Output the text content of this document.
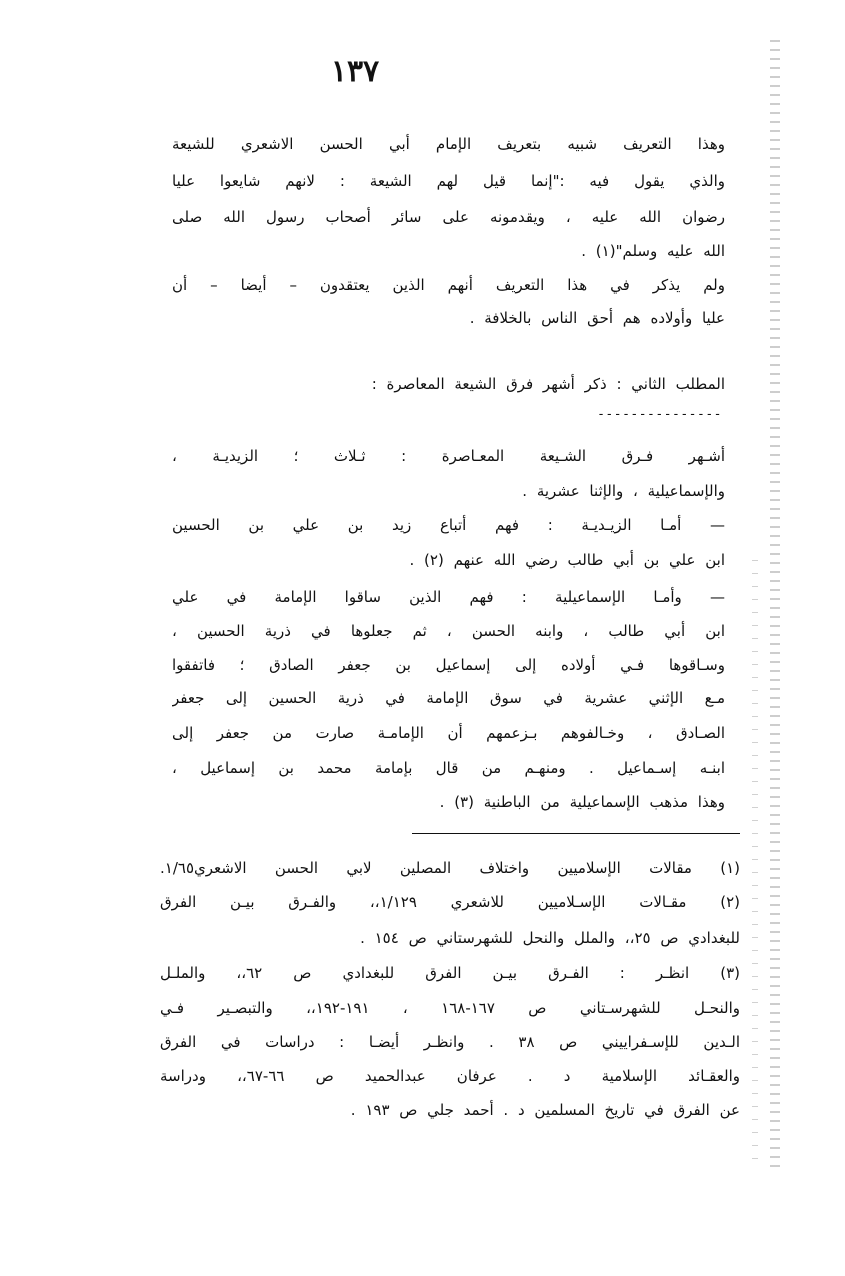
١٣٧
وهذا التعريف شبيه بتعريف الإمام أبي الحسن الاشعري للشيعة
والذي يقول فيه :"إنما قيل لهم الشيعة : لانهم شايعوا عليا
رضوان الله عليه ، ويقدمونه على سائر أصحاب رسول الله صلى
الله عليه وسلم"(١) .
ولم يذكر في هذا التعريف أنهم الذين يعتقدون – أيضا – أن
عليا وأولاده هم أحق الناس بالخلافة .
المطلب الثاني : ذكر أشهر فرق الشيعة المعاصرة :
---------------
أشـهر فـرق الشـيعة المعـاصرة : ثـلاث ؛ الزيديـة ،
والإسماعيلية ، والإثنا عشرية .
— أمـا الزيـديـة : فهم أتباع زيد بن علي بن الحسين
ابن علي بن أبي طالب رضي الله عنهم (٢) .
— وأمـا الإسماعيلية : فهم الذين ساقوا الإمامة في علي
ابن أبي طالب ، وابنه الحسن ، ثم جعلوها في ذرية الحسين ،
وسـاقوها فـي أولاده إلى إسماعيل بن جعفر الصادق ؛ فاتفقوا
مـع الإثني عشرية في سوق الإمامة في ذرية الحسين إلى جعفر
الصـادق ، وخـالفوهم بـزعمهم أن الإمامـة صارت من جعفر إلى
ابنـه إسـماعيل . ومنهـم من قال بإمامة محمد بن إسماعيل ،
وهذا مذهب الإسماعيلية من الباطنية (٣) .
(١) مقالات الإسلاميين واختلاف المصلين لابي الحسن الاشعري١/٦٥.
(٢) مقـالات الإسـلاميين للاشعري ١/١٢٩،، والفـرق بيـن الفرق
للبغدادي ص ٢٥،، والملل والنحل للشهرستاني ص ١٥٤ .
(٣) انظـر : الفـرق بيـن الفرق للبغدادي ص ٦٢،، والملـل
والنحـل للشهرسـتاني ص ١٦٧-١٦٨ ، ١٩١-١٩٢،، والتبصـير فـي
الـدين للإسـفراييني ص ٣٨ . وانظـر أيضـا : دراسات في الفرق
والعقـائد الإسلامية د . عرفان عبدالحميد ص ٦٦-٦٧،، ودراسة
عن الفرق في تاريخ المسلمين د . أحمد جلي ص ١٩٣ .
